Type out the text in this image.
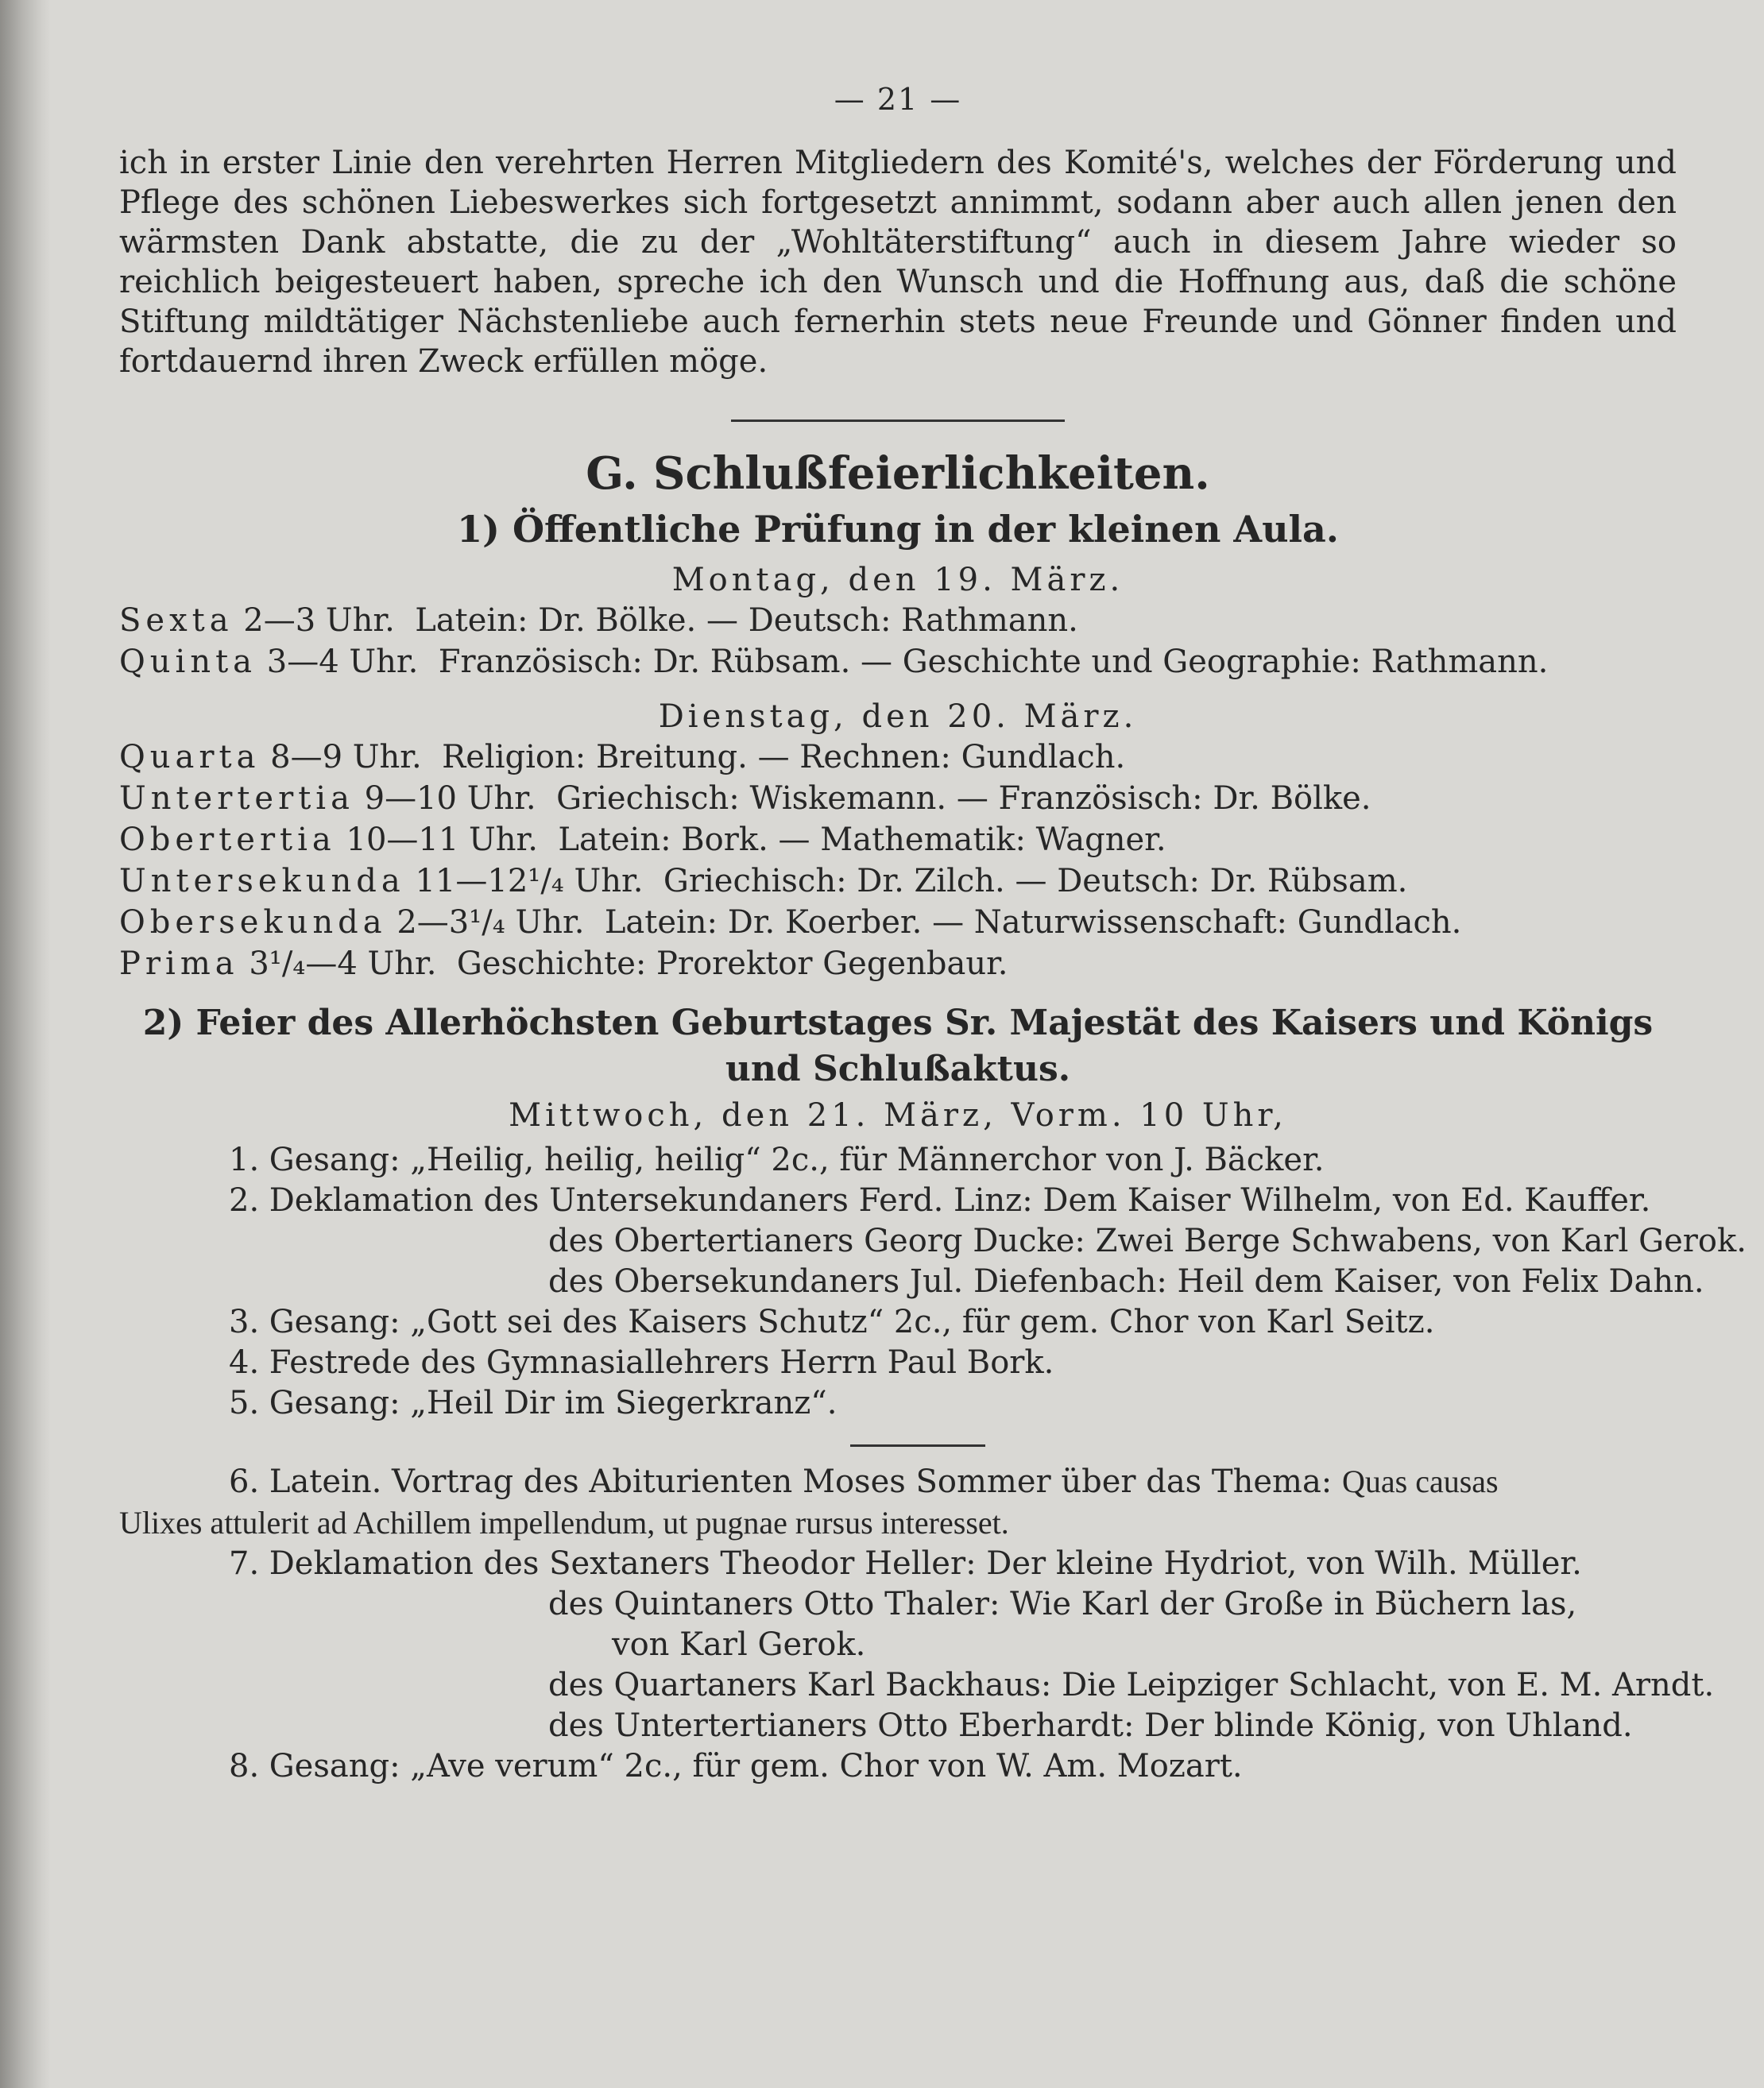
— 21 —

ich in erster Linie den verehrten Herren Mitgliedern des Komité's, welches der Förderung und Pflege des schönen Liebeswerkes sich fortgesetzt annimmt, sodann aber auch allen jenen den wärmsten Dank abstatte, die zu der „Wohltäterstiftung“ auch in diesem Jahre wieder so reichlich beigesteuert haben, spreche ich den Wunsch und die Hoffnung aus, daß die schöne Stiftung mildtätiger Nächstenliebe auch fernerhin stets neue Freunde und Gönner finden und fortdauernd ihren Zweck erfüllen möge.

G. Schlußfeierlichkeiten.
1) Öffentliche Prüfung in der kleinen Aula.

Montag, den 19. März.

Sexta 2—3 Uhr. Latein: Dr. Bölke. — Deutsch: Rathmann.

Quinta 3—4 Uhr. Französisch: Dr. Rübsam. — Geschichte und Geographie: Rathmann.

Dienstag, den 20. März.

Quarta 8—9 Uhr. Religion: Breitung. — Rechnen: Gundlach.

Untertertia 9—10 Uhr. Griechisch: Wiskemann. — Französisch: Dr. Bölke.

Obertertia 10—11 Uhr. Latein: Bork. — Mathematik: Wagner.

Untersekunda 11—12¹/₄ Uhr. Griechisch: Dr. Zilch. — Deutsch: Dr. Rübsam.

Obersekunda 2—3¹/₄ Uhr. Latein: Dr. Koerber. — Naturwissenschaft: Gundlach.

Prima 3¹/₄—4 Uhr. Geschichte: Prorektor Gegenbaur.

2) Feier des Allerhöchsten Geburtstages Sr. Majestät des Kaisers und Königs
und Schlußaktus.

Mittwoch, den 21. März, Vorm. 10 Uhr,

1. Gesang: „Heilig, heilig, heilig“ 2c., für Männerchor von J. Bäcker.

2. Deklamation des Untersekundaners Ferd. Linz: Dem Kaiser Wilhelm, von Ed. Kauffer.

des Obertertianers Georg Ducke: Zwei Berge Schwabens, von Karl Gerok.

des Obersekundaners Jul. Diefenbach: Heil dem Kaiser, von Felix Dahn.

3. Gesang: „Gott sei des Kaisers Schutz“ 2c., für gem. Chor von Karl Seitz.

4. Festrede des Gymnasiallehrers Herrn Paul Bork.

5. Gesang: „Heil Dir im Siegerkranz“.

6. Latein. Vortrag des Abiturienten Moses Sommer über das Thema: Quas causas
Ulixes attulerit ad Achillem impellendum, ut pugnae rursus interesset.

7. Deklamation des Sextaners Theodor Heller: Der kleine Hydriot, von Wilh. Müller.

des Quintaners Otto Thaler: Wie Karl der Große in Büchern las,

von Karl Gerok.

des Quartaners Karl Backhaus: Die Leipziger Schlacht, von E. M. Arndt.

des Untertertianers Otto Eberhardt: Der blinde König, von Uhland.

8. Gesang: „Ave verum“ 2c., für gem. Chor von W. Am. Mozart.
